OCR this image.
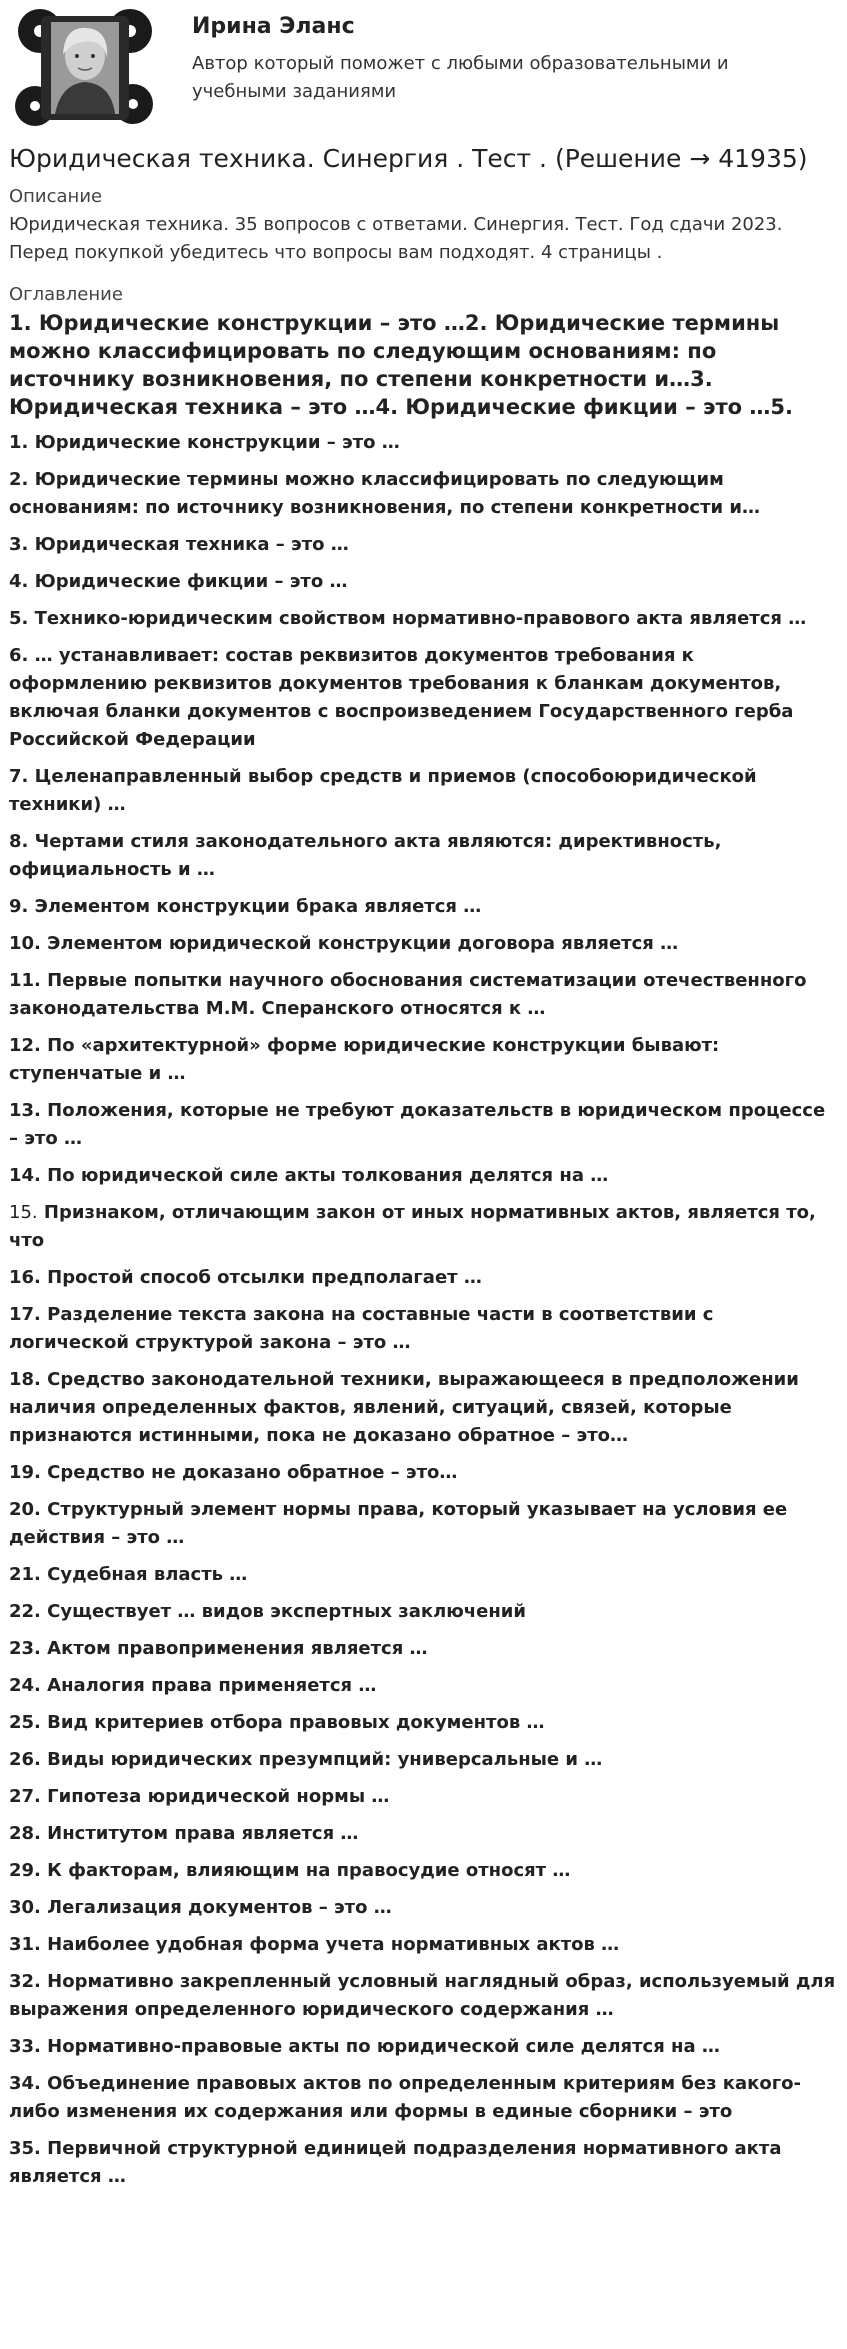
Ирина Эланс
Автор который поможет с любыми образовательными и учебными заданиями
Юридическая техника. Синергия . Тест . (Решение → 41935)
Описание
Юридическая техника. 35 вопросов с ответами. Синергия. Тест. Год сдачи 2023. Перед покупкой убедитесь что вопросы вам подходят. 4 страницы .
Оглавление
1. Юридические конструкции – это …2. Юридические термины можно классифицировать по следующим основаниям: по источнику возникновения, по степени конкретности и…3. Юридическая техника – это …4. Юридические фикции – это …5.
1. Юридические конструкции – это …
2. Юридические термины можно классифицировать по следующим основаниям: по источнику возникновения, по степени конкретности и…
3. Юридическая техника – это …
4. Юридические фикции – это …
5. Технико-юридическим свойством нормативно-правового акта является …
6. … устанавливает: состав реквизитов документов требования к оформлению реквизитов документов требования к бланкам документов, включая бланки документов с воспроизведением Государственного герба Российской Федерации
7. Целенаправленный выбор средств и приемов (способоюридической техники) …
8. Чертами стиля законодательного акта являются: директивность, официальность и …
9. Элементом конструкции брака является …
10. Элементом юридической конструкции договора является …
11. Первые попытки научного обоснования систематизации отечественного законодательства М.М. Сперанского относятся к …
12. По «архитектурной» форме юридические конструкции бывают: ступенчатые и …
13. Положения, которые не требуют доказательств в юридическом процессе – это …
14. По юридической силе акты толкования делятся на …
15. Признаком, отличающим закон от иных нормативных актов, является то, что
16. Простой способ отсылки предполагает …
17. Разделение текста закона на составные части в соответствии с логической структурой закона – это …
18. Средство законодательной техники, выражающееся в предположении наличия определенных фактов, явлений, ситуаций, связей, которые признаются истинными, пока не доказано обратное – это…
19. Средство не доказано обратное – это…
20. Структурный элемент нормы права, который указывает на условия ее действия – это …
21. Судебная власть …
22. Существует … видов экспертных заключений
23. Актом правоприменения является …
24. Аналогия права применяется …
25. Вид критериев отбора правовых документов …
26. Виды юридических презумпций: универсальные и …
27. Гипотеза юридической нормы …
28. Институтом права является …
29. К факторам, влияющим на правосудие относят …
30. Легализация документов – это …
31. Наиболее удобная форма учета нормативных актов …
32. Нормативно закрепленный условный наглядный образ, используемый для выражения определенного юридического содержания …
33. Нормативно-правовые акты по юридической силе делятся на …
34. Объединение правовых актов по определенным критериям без какого-либо изменения их содержания или формы в единые сборники – это
35. Первичной структурной единицей подразделения нормативного акта является …
